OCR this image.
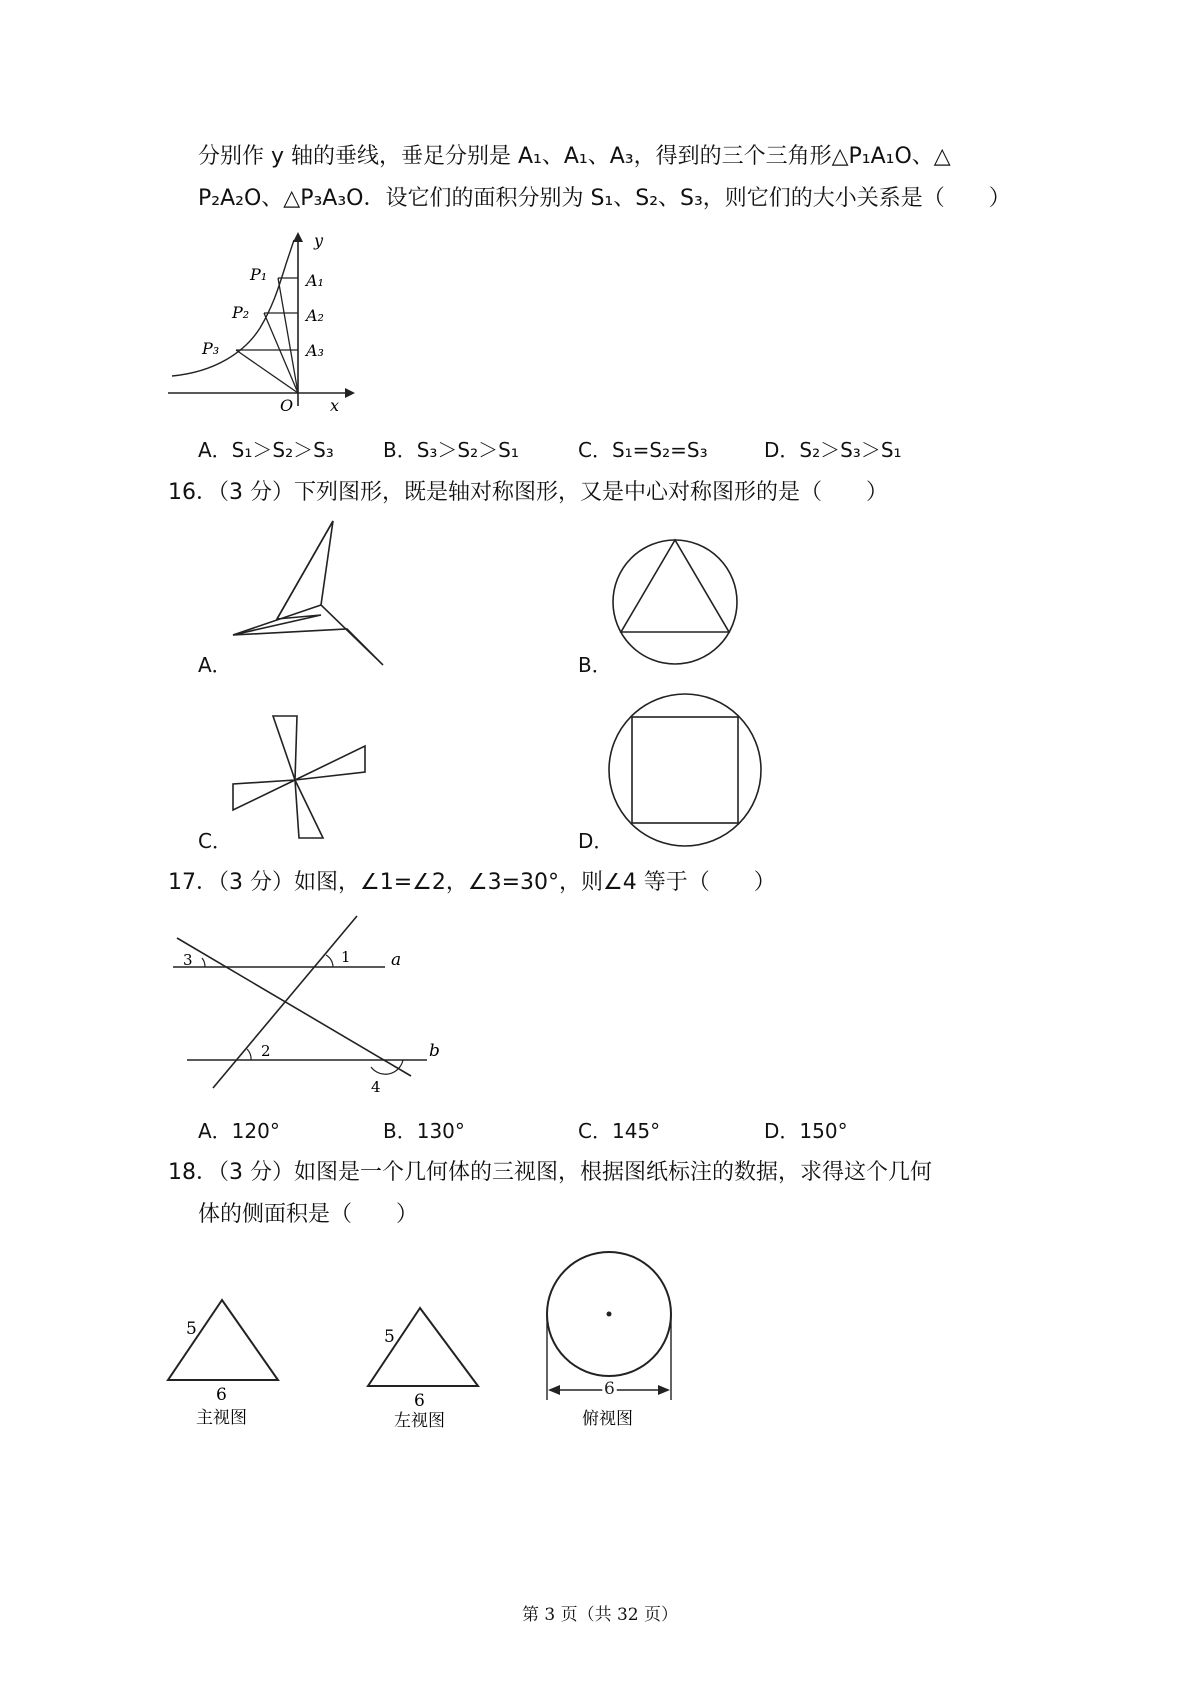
分别作 y 轴的垂线，垂足分别是 A₁、A₁、A₃，得到的三个三角形△P₁A₁O、△
P₂A₂O、△P₃A₃O．设它们的面积分别为 S₁、S₂、S₃，则它们的大小关系是（　　）
y
x
O
P₁
P₂
P₃
A₁
A₂
A₃
A．S₁＞S₂＞S₃ B．S₃＞S₂＞S₁	C．S₁=S₂=S₃	D．S₂＞S₃＞S₁
16．（3 分）下列图形，既是轴对称图形，又是中心对称图形的是（　　）
A．	B．
C．	D．
17．（3 分）如图，∠1=∠2，∠3=30°，则∠4 等于（　　）
3	1
2
4
a
b
A．120°	B．130°	C．145°	D．150°
18．（3 分）如图是一个几何体的三视图，根据图纸标注的数据，求得这个几何
体的侧面积是（　　）
5
6
主视图
5
6
左视图
6
俯视图
第 3 页（共 32 页）
